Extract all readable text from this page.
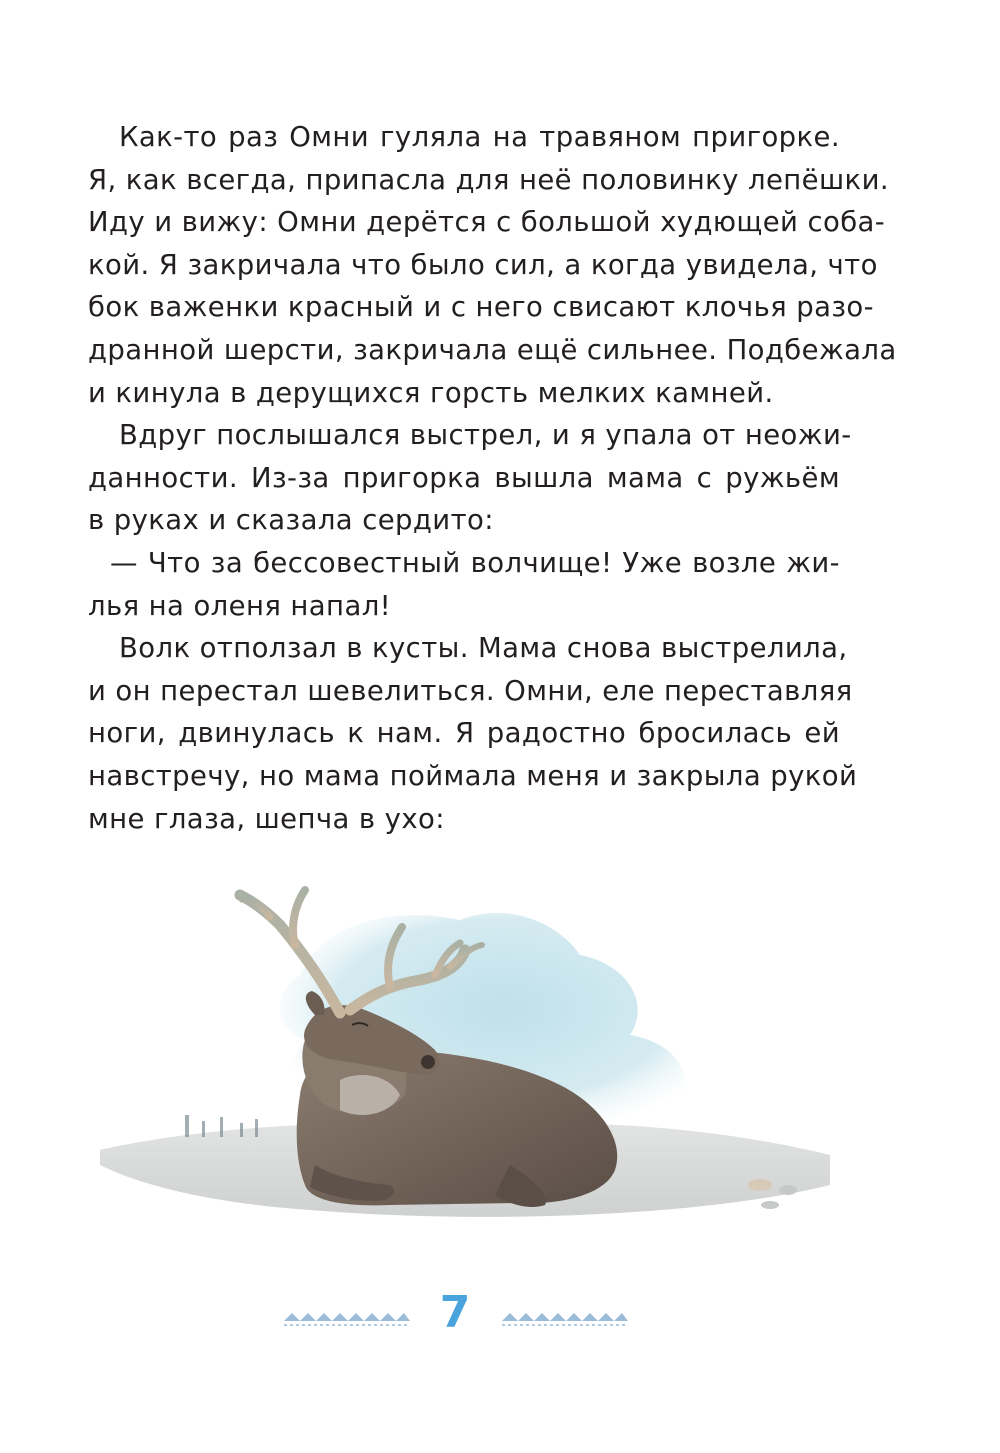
Как-то раз Омни гуляла на травяном пригорке.
Я, как всегда, припасла для неё половинку лепёшки.
Иду и вижу: Омни дерётся с большой худющей соба-
кой. Я закричала что было сил, а когда увидела, что
бок важенки красный и с него свисают клочья разо-
дранной шерсти, закричала ещё сильнее. Подбежала
и кинула в дерущихся горсть мелких камней.
Вдруг послышался выстрел, и я упала от неожи-
данности. Из-за пригорка вышла мама с ружьём
в руках и сказала сердито:
— Что за бессовестный волчище! Уже возле жи-
лья на оленя напал!
Волк отползал в кусты. Мама снова выстрелила,
и он перестал шевелиться. Омни, еле переставляя
ноги, двинулась к нам. Я радостно бросилась ей
навстречу, но мама поймала меня и закрыла рукой
мне глаза, шепча в ухо:
7
